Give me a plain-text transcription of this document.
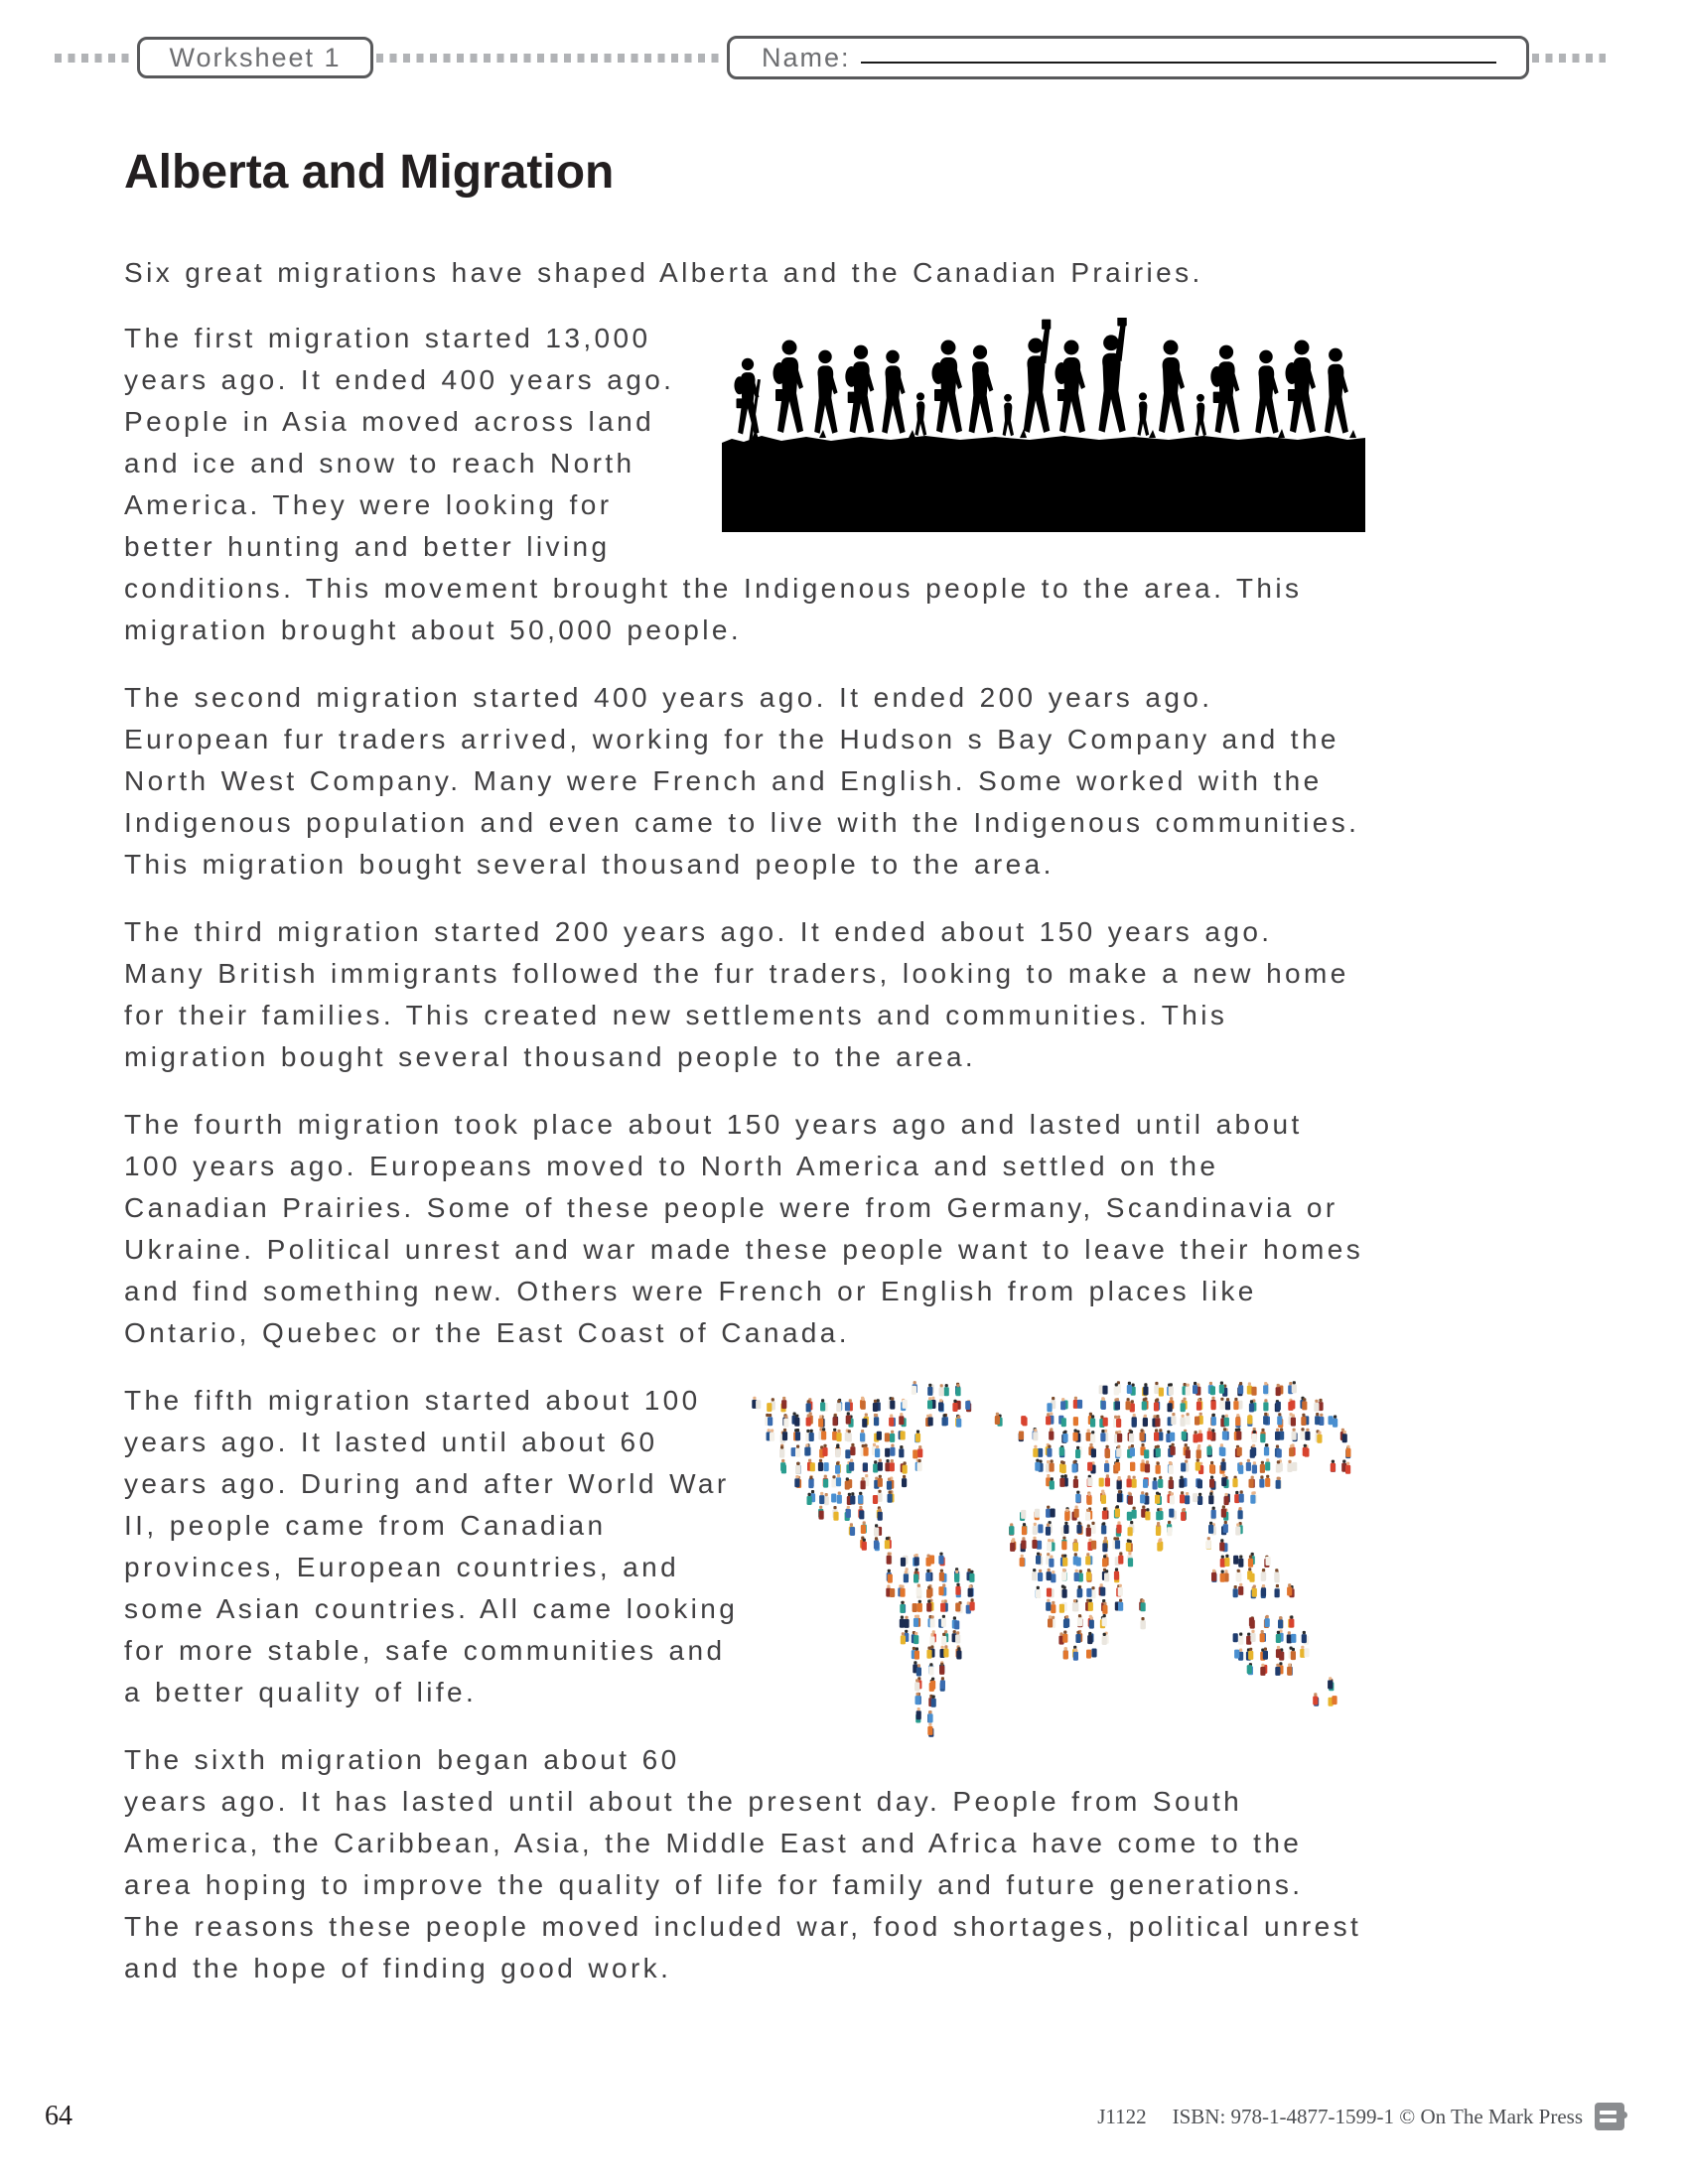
Worksheet 1	Name:
Alberta and Migration

Six great migrations have shaped Alberta and the Canadian Prairies.

The first migration started 13,000 years ago. It ended 400 years ago. People in Asia moved across land and ice and snow to reach North America. They were looking for better hunting and better living conditions. This movement brought the Indigenous people to the area. This migration brought about 50,000 people.

The second migration started 400 years ago. It ended 200 years ago. European fur traders arrived, working for the Hudson s Bay Company and the North West Company. Many were French and English. Some worked with the Indigenous population and even came to live with the Indigenous communities. This migration bought several thousand people to the area.

The third migration started 200 years ago. It ended about 150 years ago. Many British immigrants followed the fur traders, looking to make a new home for their families. This created new settlements and communities. This migration bought several thousand people to the area.

The fourth migration took place about 150 years ago and lasted until about 100 years ago. Europeans moved to North America and settled on the Canadian Prairies. Some of these people were from Germany, Scandinavia or Ukraine. Political unrest and war made these people want to leave their homes and find something new. Others were French or English from places like Ontario, Quebec or the East Coast of Canada.

The fifth migration started about 100 years ago. It lasted until about 60 years ago. During and after World War II, people came from Canadian provinces, European countries, and some Asian countries. All came looking for more stable, safe communities and a better quality of life.

The sixth migration began about 60 years ago. It has lasted until about the present day. People from South America, the Caribbean, Asia, the Middle East and Africa have come to the area hoping to improve the quality of life for family and future generations. The reasons these people moved included war, food shortages, political unrest and the hope of finding good work.

64	J1122 ISBN: 978-1-4877-1599-1 © On The Mark Press
